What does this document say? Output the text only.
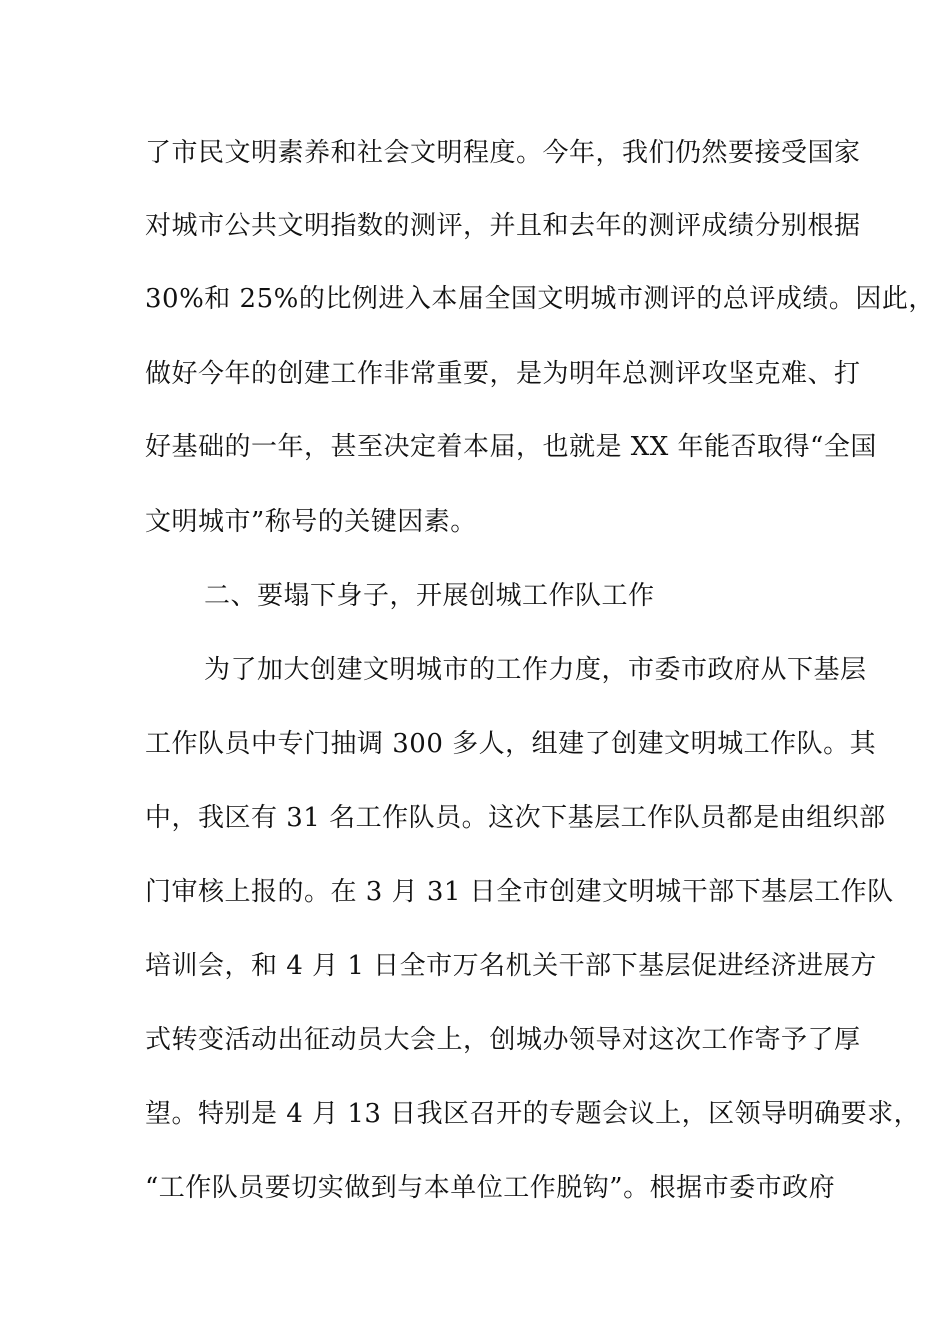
了市民文明素养和社会文明程度。今年，我们仍然要接受国家
对城市公共文明指数的测评，并且和去年的测评成绩分别根据
30%和 25%的比例进入本届全国文明城市测评的总评成绩。因此，
做好今年的创建工作非常重要，是为明年总测评攻坚克难、打
好基础的一年，甚至决定着本届，也就是 XX 年能否取得“全国
文明城市”称号的关键因素。
二、要塌下身子，开展创城工作队工作
为了加大创建文明城市的工作力度，市委市政府从下基层
工作队员中专门抽调 300 多人，组建了创建文明城工作队。其
中，我区有 31 名工作队员。这次下基层工作队员都是由组织部
门审核上报的。在 3 月 31 日全市创建文明城干部下基层工作队
培训会，和 4 月 1 日全市万名机关干部下基层促进经济进展方
式转变活动出征动员大会上，创城办领导对这次工作寄予了厚
望。特别是 4 月 13 日我区召开的专题会议上，区领导明确要求，
“工作队员要切实做到与本单位工作脱钩”。根据市委市政府
